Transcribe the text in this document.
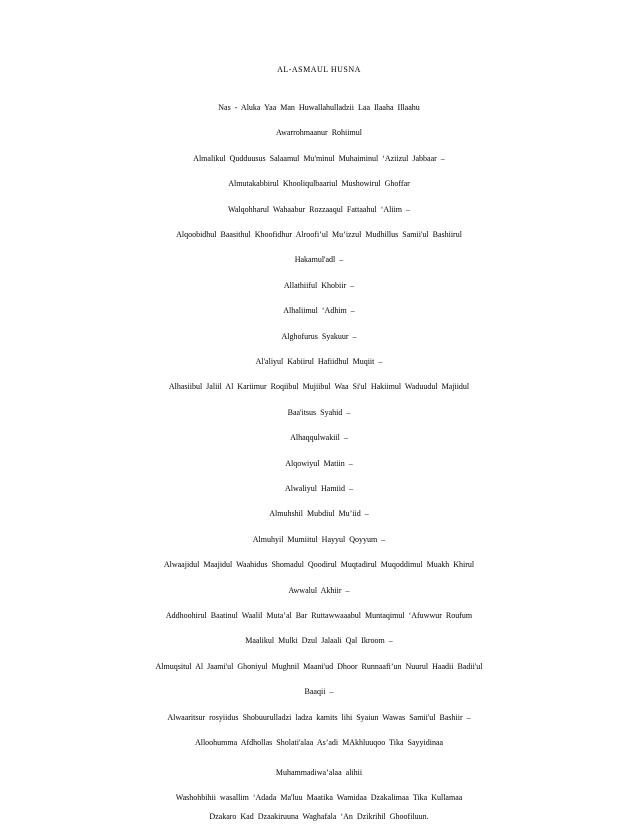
AL-ASMAUL HUSNA
Nas - Aluka Yaa Man Huwallahulladzii Laa Ilaaha Illaahu
Awarrohmaanur Rohiimul
Almalikul Qudduusus Salaamul Mu'minul Muhaiminul ‘Aziizul Jabbaar –
Almutakabbirul Khooliqulbaariul Mushowirul Ghoffar
Walqohharul Wahaabur Rozzaaqul Fattaahul ‘Aliim –
Alqoobidhul Baasithul Khoofidhur Alroofi’ul Mu’izzul Mudhillus Samii'ul Bashiirul
Hakamul'adl –
Allathiiful Khobiir –
Alhaliimul ‘Adhim –
Alghofurus Syakuur –
Al'aliyul Kabiirul Hafiidhul Muqiit –
Alhasiibul Jaliil Al Kariimur Roqiibul Mujiibul Waa Si'ul Hakiimul Waduudul Majiidul
Baa'itsus Syahid –
Alhaqqulwakiil –
Alqowiyul Matiin –
Alwaliyul Hamiid –
Almuhshil Mubdiul Mu’iid –
Almuhyil Mumiitul Hayyul Qoyyum –
Alwaajidul Maajidul Waahidus Shomadul Qoodirul Muqtadirul Muqoddimul Muakh Khirul
Awwalul Akhiir –
Addhoohirul Baatinul Waalil Muta’al Bar Ruttawwaaabul Muntaqimul ‘Afuwwur Roufum
Maalikul Mulki Dzul Jalaali Qal Ikroom –
Almuqsitul Al Jaami'ul Ghoniyul Mughnil Maani'ud Dhoor Runnaafi’un Nuurul Haadii Badii'ul
Baaqii –
Alwaaritsur rosyiidus Shobuurulladzi ladza kamits lihi Syaiun Wawas Samii'ul Bashiir –
Alloohumma Afdhollas Sholati'alaa As’adi MAkhluuqoo Tika Sayyidinaa
Muhammadiwa’alaa alihii
Washohbihii wasallim ‘Adada Ma'luu Maatika Wamidaa Dzakalimaa Tika Kullamaa
Dzakaro Kad Dzaakiruuna Waghafala ‘An Dzikrihil Ghoofiluun.
